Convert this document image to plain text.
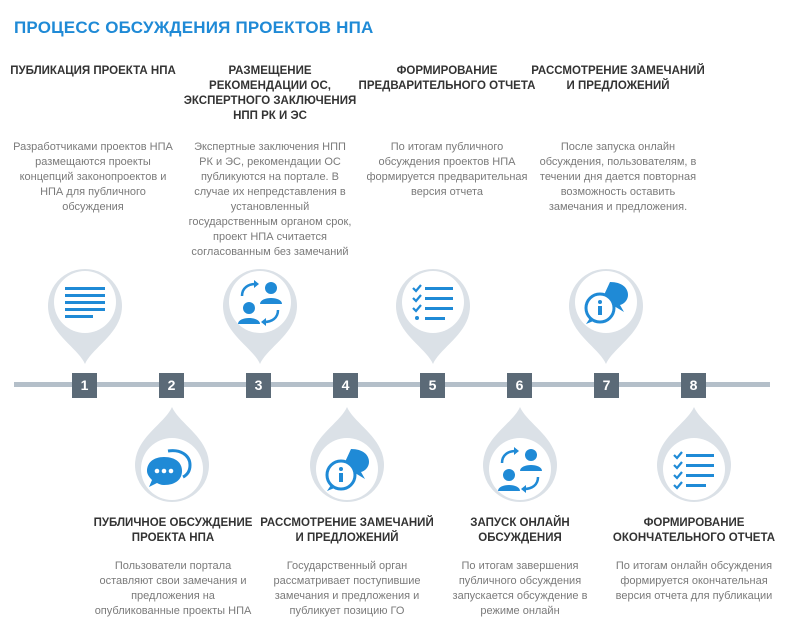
ПРОЦЕСС ОБСУЖДЕНИЯ ПРОЕКТОВ НПА
ПУБЛИКАЦИЯ ПРОЕКТА НПА
Разработчиками проектов НПА
размещаются проекты
концепций законопроектов и
НПА для публичного
обсуждения
РАЗМЕЩЕНИЕ
РЕКОМЕНДАЦИИ ОС,
ЭКСПЕРТНОГО ЗАКЛЮЧЕНИЯ
НПП РК И ЭС
Экспертные заключения НПП
РК и ЭС, рекомендации ОС
публикуются на портале. В
случае их непредставления в
установленный
государственным органом срок,
проект НПА считается
согласованным без замечаний
ФОРМИРОВАНИЕ
ПРЕДВАРИТЕЛЬНОГО ОТЧЕТА
По итогам публичного
обсуждения проектов НПА
формируется предварительная
версия отчета
РАССМОТРЕНИЕ ЗАМЕЧАНИЙ
И ПРЕДЛОЖЕНИЙ
После запуска онлайн
обсуждения, пользователям, в
течении дня дается повторная
возможность оставить
замечания и предложения.
1	2	3	4	5	6	7	8
ПУБЛИЧНОЕ ОБСУЖДЕНИЕ
ПРОЕКТА НПА
Пользователи портала
оставляют свои замечания и
предложения на
опубликованные проекты НПА
РАССМОТРЕНИЕ ЗАМЕЧАНИЙ
И ПРЕДЛОЖЕНИЙ
Государственный орган
рассматривает поступившие
замечания и предложения и
публикует позицию ГО
ЗАПУСК ОНЛАЙН
ОБСУЖДЕНИЯ
По итогам завершения
публичного обсуждения
запускается обсуждение в
режиме онлайн
ФОРМИРОВАНИЕ
ОКОНЧАТЕЛЬНОГО ОТЧЕТА
По итогам онлайн обсуждения
формируется окончательная
версия отчета для публикации
